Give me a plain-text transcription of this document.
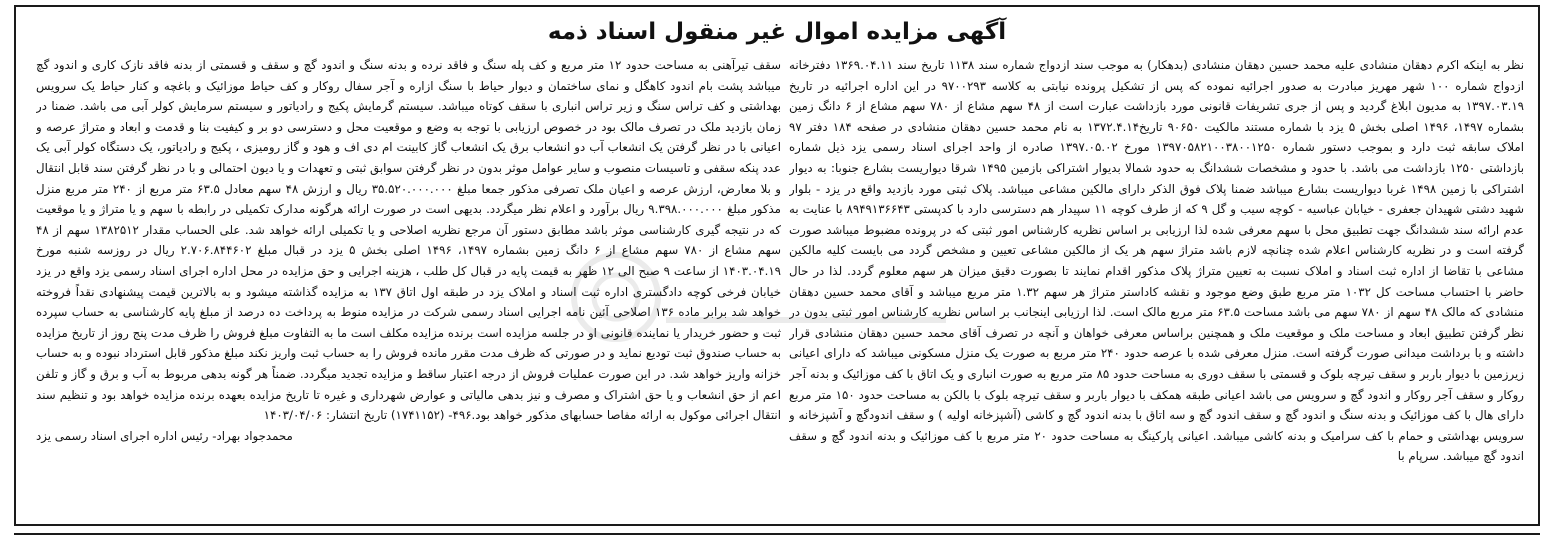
آگهی مزایده اموال غیر منقول اسناد ذمه

نظر به اینکه اکرم دهقان منشادی علیه محمد حسین دهقان منشادی (بدهکار) به موجب سند ازدواج شماره سند ۱۱۳۸ تاریخ سند ۱۳۶۹.۰۴.۱۱ دفترخانه ازدواج شماره ۱۰۰ شهر مهریز مبادرت به صدور اجرائیه نموده که پس از تشکیل پرونده نیابتی به کلاسه ۹۷۰۰۲۹۳ در این اداره اجرائیه در تاریخ ۱۳۹۷.۰۳.۱۹ به مدیون ابلاغ گردید و پس از جری تشریفات قانونی مورد بازداشت عبارت است از ۴۸ سهم مشاع از ۷۸۰ سهم مشاع از ۶ دانگ زمین بشماره ۱۴۹۷، ۱۴۹۶ اصلی بخش ۵ یزد با شماره مستند مالکیت ۹۰۶۵۰ تاریخ۱۳۷۲.۴.۱۴ به نام محمد حسین دهقان منشادی در صفحه ۱۸۴ دفتر ۹۷ املاک سابقه ثبت دارد و بموجب دستور شماره ۱۳۹۷۰۵۸۲۱۰۰۳۸۰۰۱۲۵۰ مورخ ۱۳۹۷.۰۵.۰۲ صادره از واحد اجرای اسناد رسمی یزد ذیل شماره بازداشتی ۱۲۵۰ بازداشت می باشد. با حدود و مشخصات ششدانگ به حدود شمالا بدیوار اشتراکی بازمین ۱۴۹۵ شرقا دیواریست بشارع جنوبا: به دیوار اشتراکی با زمین ۱۴۹۸ غربا دیواریست بشارع میباشد ضمنا پلاک فوق الذکر دارای مالکین مشاعی میباشد. پلاک ثبتی مورد بازدید واقع در یزد - بلوار شهید دشتی شهیدان جعفری - خیابان عباسیه - کوچه سیب و گل ۹ که از طرف کوچه ۱۱ سپیدار هم دسترسی دارد با کدپستی ۸۹۴۹۱۳۶۶۴۳ با عنایت به عدم ارائه سند ششدانگ جهت تطبیق محل با سهم معرفی شده لذا ارزیابی بر اساس نظریه کارشناس امور ثبتی که در پرونده مضبوط میباشد صورت گرفته است و در نظریه کارشناس اعلام شده چنانچه لازم باشد متراژ سهم هر یک از مالکین مشاعی تعیین و مشخص گردد می بایست کلیه مالکین مشاعی با تقاضا از اداره ثبت اسناد و املاک نسبت به تعیین متراژ پلاک مذکور اقدام نمایند تا بصورت دقیق میزان هر سهم معلوم گردد. لذا در حال حاضر با احتساب مساحت کل ۱۰۳۲ متر مربع طبق وضع موجود و نقشه کاداستر متراژ هر سهم ۱.۳۲ متر مربع میباشد و آقای محمد حسین دهقان منشادی که مالک ۴۸ سهم از ۷۸۰ سهم می باشد مساحت ۶۳.۵ متر مربع مالک است. لذا ارزیابی اینجانب بر اساس نظریه کارشناس امور ثبتی بدون در نظر گرفتن تطبیق ابعاد و مساحت ملک و موقعیت ملک و همچنین براساس معرفی خواهان و آنچه در تصرف آقای محمد حسین دهقان منشادی قرار داشته و با برداشت میدانی صورت گرفته است. منزل معرفی شده با عرصه حدود ۲۴۰ متر مربع به صورت یک منزل مسکونی میباشد که دارای اعیانی زیرزمین با دیوار باربر و سقف تیرچه بلوک و قسمتی با سقف دوری به مساحت حدود ۸۵ متر مربع به صورت انباری و یک اتاق با کف موزائیک و بدنه آجر روکار و سقف آجر روکار و اندود گچ و سرویس می باشد اعیانی طبقه همکف با دیوار باربر و سقف تیرچه بلوک با بالکن به مساحت حدود ۱۵۰ متر مربع دارای هال با کف موزائیک و بدنه سنگ و اندود گچ و سقف اندود گچ و سه اتاق با بدنه اندود گچ و کاشی (آشپزخانه اولیه ) و سقف اندودگچ و آشپزخانه و سرویس بهداشتی و حمام با کف سرامیک و بدنه کاشی میباشد. اعیانی پارکینگ به مساحت حدود ۲۰ متر مربع با کف موزائیک و بدنه اندود گچ و سقف اندود گچ میباشد. سرپام با

سقف تیرآهنی به مساحت حدود ۱۲ متر مربع و کف پله سنگ و فاقد نرده و بدنه سنگ و اندود گچ و سقف و قسمتی از بدنه فاقد نازک کاری و اندود گچ میباشد پشت بام اندود کاهگل و نمای ساختمان و دیوار حیاط با سنگ ازاره و آجر سفال روکار و کف حیاط موزائیک و باغچه و کنار حیاط یک سرویس بهداشتی و کف تراس سنگ و زیر تراس انباری با سقف کوتاه میباشد. سیستم گرمایش پکیج و رادیاتور و سیستم سرمایش کولر آبی می باشد. ضمنا در زمان بازدید ملک در تصرف مالک بود در خصوص ارزیابی با توجه به وضع و موقعیت محل و دسترسی دو بر و کیفیت بنا و قدمت و ابعاد و متراژ عرصه و اعیانی با در نظر گرفتن یک انشعاب آب دو انشعاب برق یک انشعاب گاز کابینت ام دی اف و هود و گاز رومیزی ، پکیج و رادیاتور، یک دستگاه کولر آبی یک عدد پنکه سقفی و تاسیسات منصوب و سایر عوامل موثر بدون در نظر گرفتن سوابق ثبتی و تعهدات و یا دیون احتمالی و با در نظر گرفتن سند قابل انتقال و بلا معارض، ارزش عرصه و اعیان ملک تصرفی مذکور جمعا مبلغ ۳۵.۵۲۰.۰۰۰.۰۰۰ ریال و ارزش ۴۸ سهم معادل ۶۳.۵ متر مربع از ۲۴۰ متر مربع منزل مذکور مبلغ ۹.۳۹۸.۰۰۰.۰۰۰ ریال برآورد و اعلام نظر میگردد. بدیهی است در صورت ارائه هرگونه مدارک تکمیلی در رابطه با سهم و یا متراژ و یا موقعیت که در نتیجه گیری کارشناسی موثر باشد مطابق دستور آن مرجع نظریه اصلاحی و یا تکمیلی ارائه خواهد شد. علی الحساب مقدار ۱۳۸۲۵۱۲ سهم از ۴۸ سهم مشاع از ۷۸۰ سهم مشاع از ۶ دانگ زمین بشماره ۱۴۹۷، ۱۴۹۶ اصلی بخش ۵ یزد در قبال مبلغ ۲.۷۰۶.۸۴۴۶۰۲ ریال در روزسه شنبه مورخ ۱۴۰۳.۰۴.۱۹ از ساعت ۹ صبح الی ۱۲ ظهر به قیمت پایه در قبال کل طلب ، هزینه اجرایی و حق مزایده در محل اداره اجرای اسناد رسمی یزد واقع در یزد خیابان فرخی کوچه دادگستری اداره ثبت اسناد و املاک یزد در طبقه اول اتاق ۱۳۷ به مزایده گذاشته میشود و به بالاترین قیمت پیشنهادی نقداً فروخته خواهد شد برابر ماده ۱۳۶ اصلاحی آئین نامه اجرایی اسناد رسمی شرکت در مزایده منوط به پرداخت ده درصد از مبلغ پایه کارشناسی به حساب سپرده ثبت و حضور خریدار یا نماینده قانونی او در جلسه مزایده است برنده مزایده مکلف است ما به التفاوت مبلغ فروش را ظرف مدت پنج روز از تاریخ مزایده به حساب صندوق ثبت تودیع نماید و در صورتی که ظرف مدت مقرر مانده فروش را به حساب ثبت واریز نکند مبلغ مذکور قابل استرداد نبوده و به حساب خزانه واریز خواهد شد. در این صورت عملیات فروش از درجه اعتبار ساقط و مزایده تجدید میگردد. ضمناً هر گونه بدهی مربوط به آب و برق و گاز و تلفن اعم از حق انشعاب و یا حق اشتراک و مصرف و نیز بدهی مالیاتی و عوارض شهرداری و غیره تا تاریخ مزایده بعهده برنده مزایده خواهد بود و تنظیم سند انتقال اجرائی موکول به ارائه مفاصا حسابهای مذکور خواهد بود.۴۹۶- (۱۷۴۱۱۵۲) تاریخ انتشار: ۱۴۰۳/۰۴/۰۶

محمدجواد بهراد- رئیس اداره اجرای اسناد رسمی یزد
